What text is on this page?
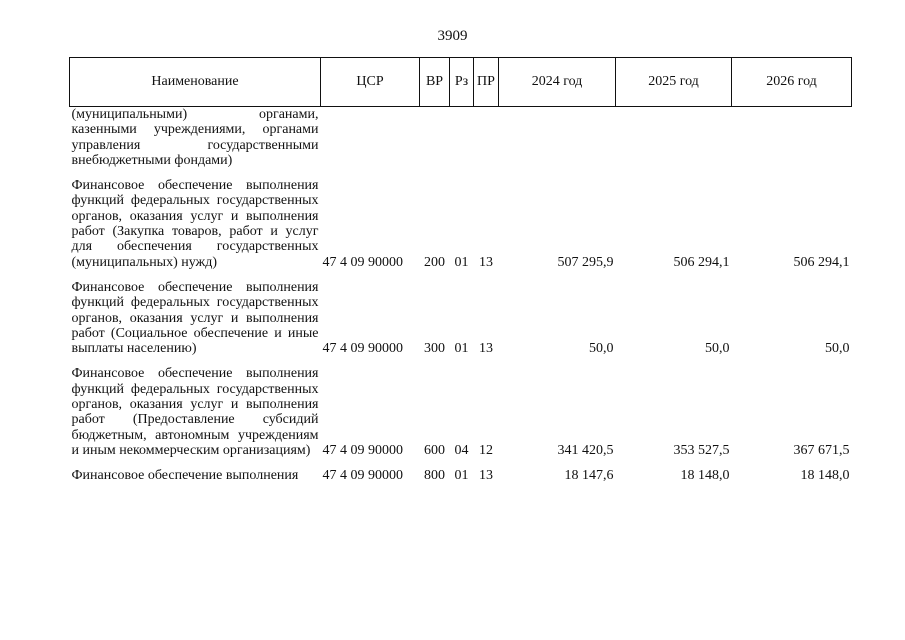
3909
Наименование	ЦСР	ВР	Рз	ПР	2024 год	2025 год	2026 год
(муниципальными) органами, казенными учреждениями, органами управления государственными внебюджетными фондами)							

Финансовое обеспечение выполнения функций федеральных государственных органов, оказания услуг и выполнения работ (Закупка товаров, работ и услуг для обеспечения государственных (муниципальных) нужд)	47 4 09 90000	200	01	13	507 295,9	506 294,1	506 294,1

Финансовое обеспечение выполнения функций федеральных государственных органов, оказания услуг и выполнения работ (Социальное обеспечение и иные выплаты населению)	47 4 09 90000	300	01	13	50,0	50,0	50,0

Финансовое обеспечение выполнения функций федеральных государственных органов, оказания услуг и выполнения работ (Предоставление субсидий бюджетным, автономным учреждениям и иным некоммерческим организациям)	47 4 09 90000	600	04	12	341 420,5	353 527,5	367 671,5

Финансовое обеспечение выполнения	47 4 09 90000	800	01	13	18 147,6	18 148,0	18 148,0
